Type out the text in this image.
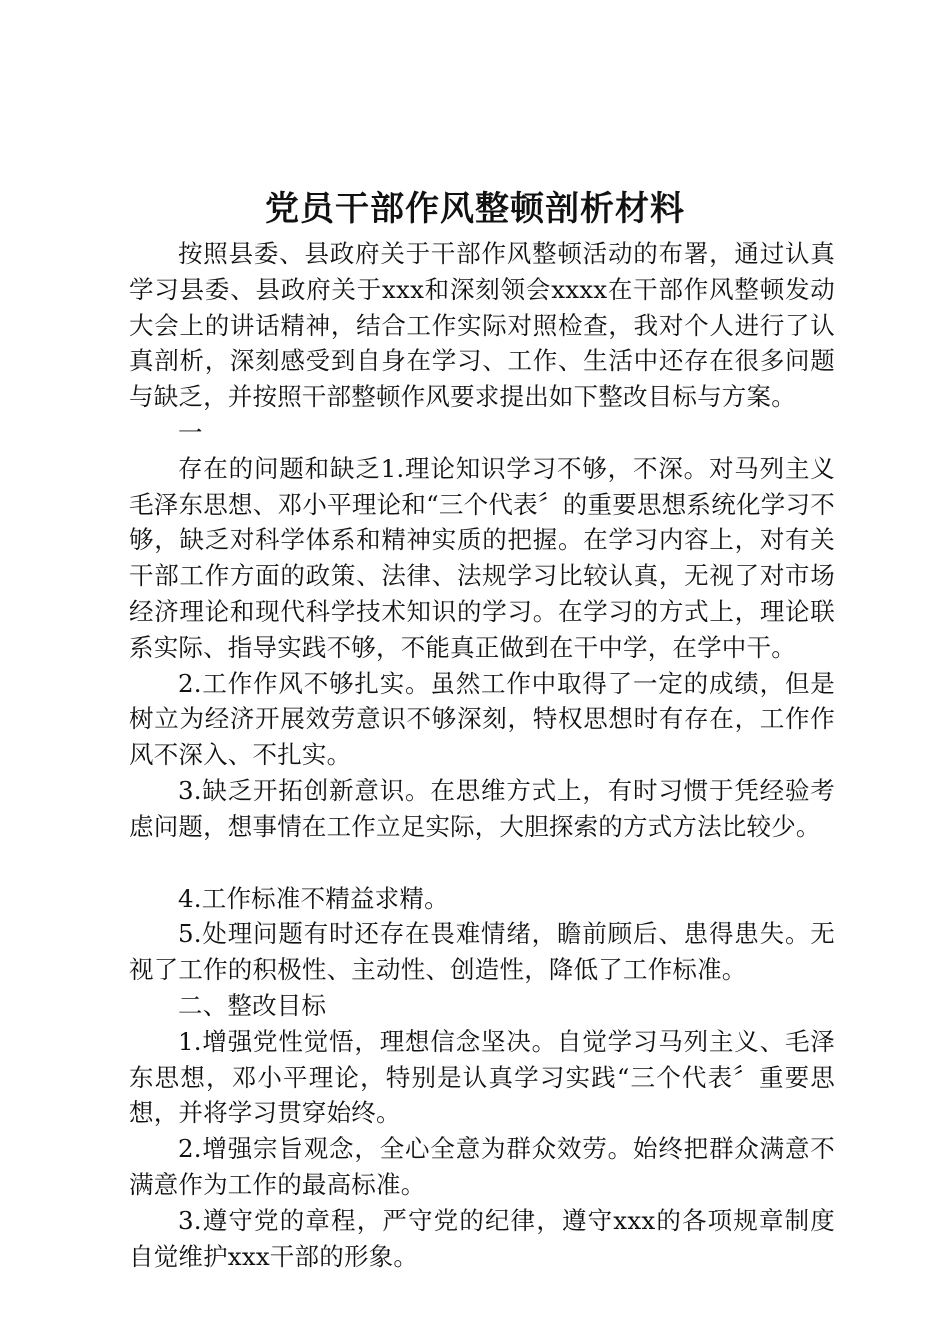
党员干部作风整顿剖析材料

按照县委、县政府关于干部作风整顿活动的布署，通过认真学习县委、县政府关于xxx和深刻领会xxxx在干部作风整顿发动大会上的讲话精神，结合工作实际对照检查，我对个人进行了认真剖析，深刻感受到自身在学习、工作、生活中还存在很多问题与缺乏，并按照干部整顿作风要求提出如下整改目标与方案。

一

存在的问题和缺乏1.理论知识学习不够，不深。对马列主义毛泽东思想、邓小平理论和“三个代表〞的重要思想系统化学习不够，缺乏对科学体系和精神实质的把握。在学习内容上，对有关干部工作方面的政策、法律、法规学习比较认真，无视了对市场经济理论和现代科学技术知识的学习。在学习的方式上，理论联系实际、指导实践不够，不能真正做到在干中学，在学中干。

2.工作作风不够扎实。虽然工作中取得了一定的成绩，但是树立为经济开展效劳意识不够深刻，特权思想时有存在，工作作风不深入、不扎实。

3.缺乏开拓创新意识。在思维方式上，有时习惯于凭经验考虑问题，想事情在工作立足实际，大胆探索的方式方法比较少。

4.工作标准不精益求精。

5.处理问题有时还存在畏难情绪，瞻前顾后、患得患失。无视了工作的积极性、主动性、创造性，降低了工作标准。

二、整改目标

1.增强党性觉悟，理想信念坚决。自觉学习马列主义、毛泽东思想，邓小平理论，特别是认真学习实践“三个代表〞重要思想，并将学习贯穿始终。

2.增强宗旨观念，全心全意为群众效劳。始终把群众满意不满意作为工作的最高标准。

3.遵守党的章程，严守党的纪律，遵守xxx的各项规章制度自觉维护xxx干部的形象。
